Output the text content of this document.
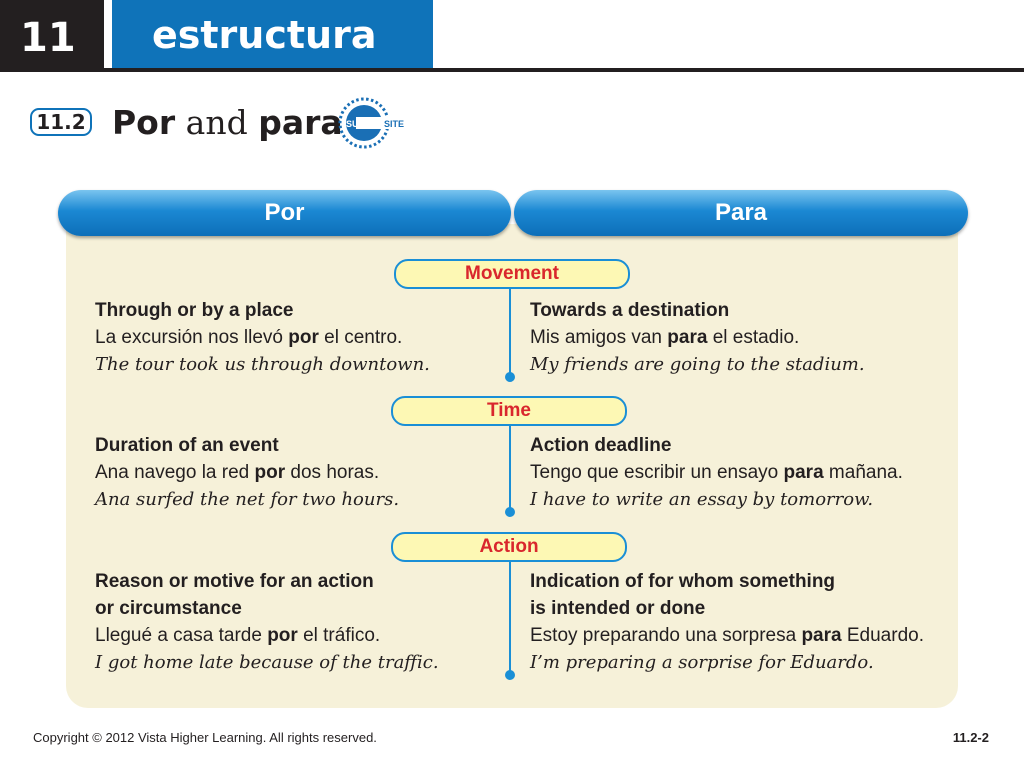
11 estructura
11.2 Por and para SUPER SITE
Por	Para
Movement
Through or by a place
La excursión nos llevó por el centro.
The tour took us through downtown.
Towards a destination
Mis amigos van para el estadio.
My friends are going to the stadium.
Time
Duration of an event
Ana navego la red por dos horas.
Ana surfed the net for two hours.
Action deadline
Tengo que escribir un ensayo para mañana.
I have to write an essay by tomorrow.
Action
Reason or motive for an action
or circumstance
Llegué a casa tarde por el tráfico.
I got home late because of the traffic.
Indication of for whom something
is intended or done
Estoy preparando una sorpresa para Eduardo.
I’m preparing a sorprise for Eduardo.
Copyright © 2012 Vista Higher Learning. All rights reserved.	11.2-2
